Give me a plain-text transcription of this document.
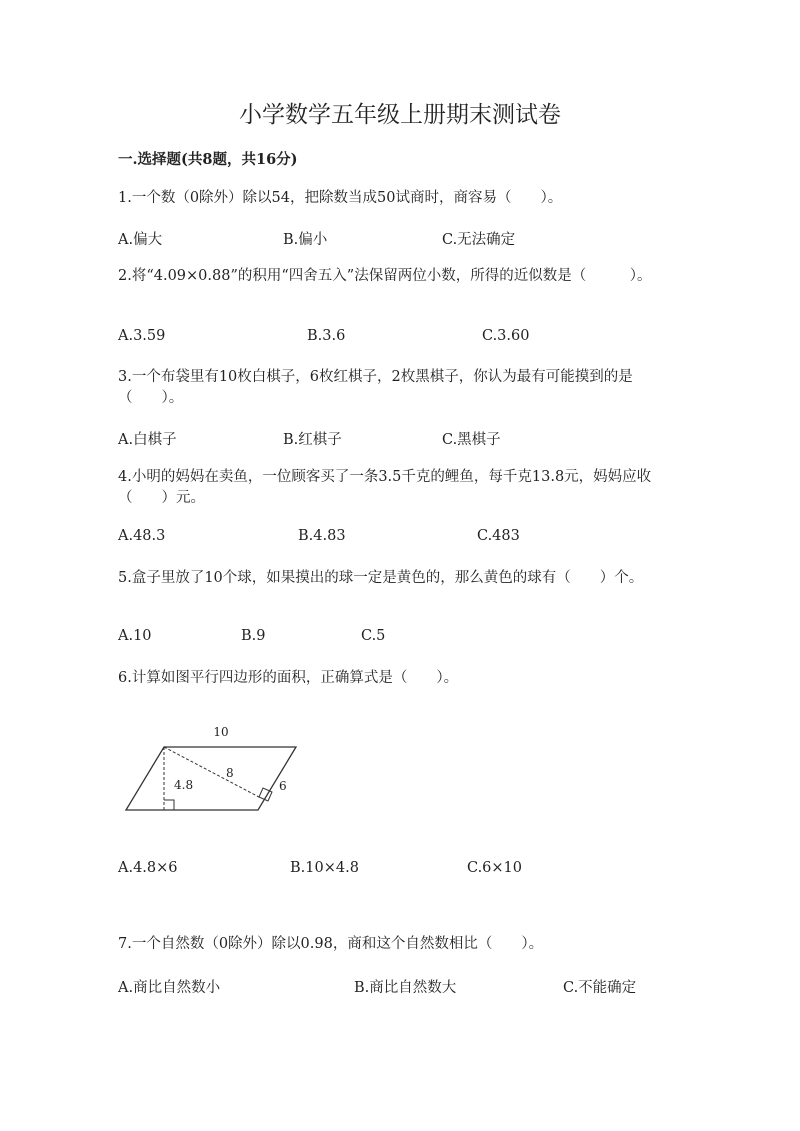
小学数学五年级上册期末测试卷
一.选择题(共8题，共16分)
1.一个数（0除外）除以54，把除数当成50试商时，商容易（　　）。
A.偏大	B.偏小	C.无法确定
2.将“4.09×0.88”的积用“四舍五入”法保留两位小数，所得的近似数是（　　　）。
A.3.59	B.3.6	C.3.60
3.一个布袋里有10枚白棋子，6枚红棋子，2枚黑棋子，你认为最有可能摸到的是（　　）。
A.白棋子	B.红棋子	C.黑棋子
4.小明的妈妈在卖鱼，一位顾客买了一条3.5千克的鲤鱼，每千克13.8元，妈妈应收（　　）元。
A.48.3	B.4.83	C.483
5.盒子里放了10个球，如果摸出的球一定是黄色的，那么黄色的球有（　　）个。
A.10	B.9	C.5
6.计算如图平行四边形的面积，正确算式是（　　）。
10
4.8
8
6
A.4.8×6	B.10×4.8	C.6×10
7.一个自然数（0除外）除以0.98，商和这个自然数相比（　　）。
A.商比自然数小	B.商比自然数大	C.不能确定
